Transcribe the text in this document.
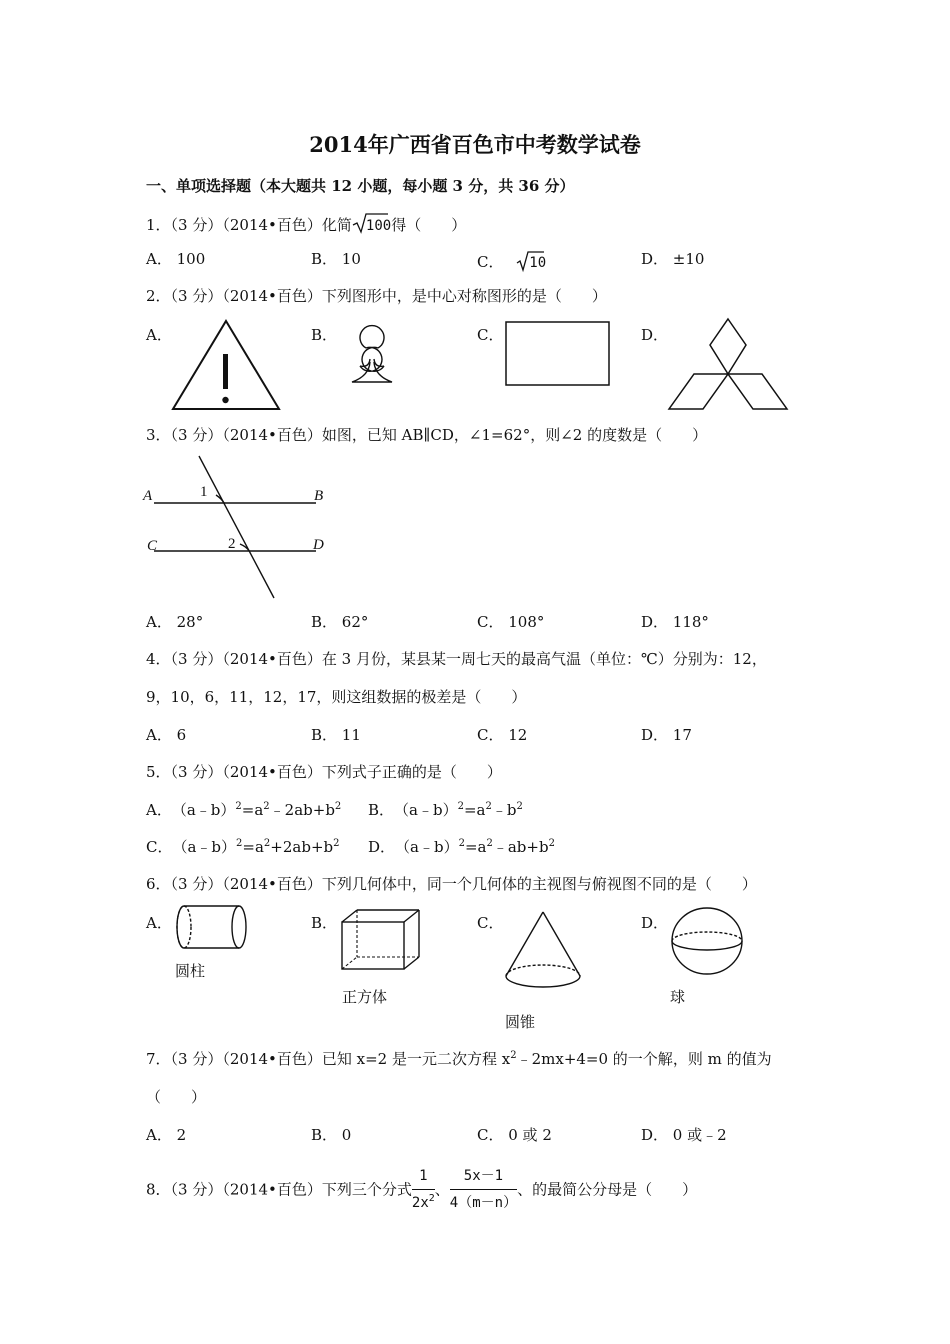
2014年广西省百色市中考数学试卷
一、单项选择题（本大题共 12 小题，每小题 3 分，共 36 分）
1．（3 分）（2014•百色）化简 100得（　　）
A． 100	B． 10	C． 10	D． ±10
2．（3 分）（2014•百色）下列图形中，是中心对称图形的是（　　）
A．	B．	C．	D．
3．（3 分）（2014•百色）如图，已知 AB∥CD，∠1=62°，则∠2 的度数是（　　）
A	B
C	D
1
2
A． 28°	B． 62°	C． 108°	D． 118°
4．（3 分）（2014•百色）在 3 月份，某县某一周七天的最高气温（单位：℃）分别为：12，
9，10，6，11，12，17，则这组数据的极差是（　　）
A． 6	B． 11	C． 12	D． 17
5．（3 分）（2014•百色）下列式子正确的是（　　）
A．　$(a﹣b)^2=a^2﹣2ab+b^2$ B．　$(a﹣b)^2=a^2﹣b^2$
C．　$(a﹣b)^2=a^2+2ab+b^2$ D．　$(a﹣b)^2=a^2﹣ab+b^2$
6．（3 分）（2014•百色）下列几何体中，同一个几何体的主视图与俯视图不同的是（　　）
A．	B．	C．	D．
圆柱
正方体
圆锥
球
7．（3 分）（2014•百色）已知 x=2 是一元二次方程 $x^2﹣2mx+4=0$ 的一个解，则 m 的值为
（　　）
A． 2	B． 0	C． 0 或 2	D． 0 或﹣2
8．（3 分）（2014•百色）下列三个分式 $\frac{1}{2x^2}$ 、 $\frac{5x-1}{4(m-n)}$ 、的最简公分母是（　　）
